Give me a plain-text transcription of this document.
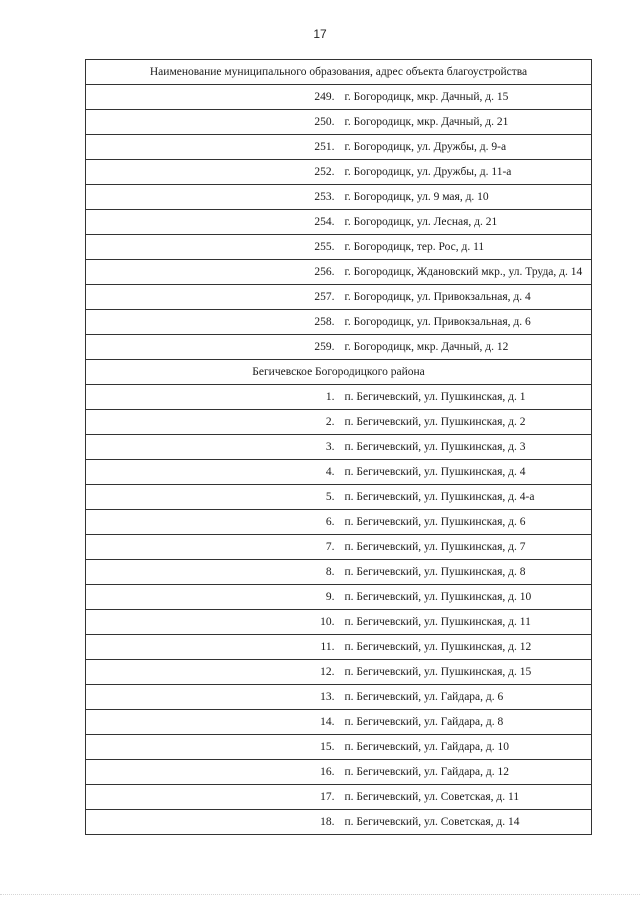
17
Наименование муниципального образования, адрес объекта благоустройства	
249.	г. Богородицк, мкр. Дачный, д. 15
250.	г. Богородицк, мкр. Дачный, д. 21
251.	г. Богородицк, ул. Дружбы, д. 9-а
252.	г. Богородицк, ул. Дружбы, д. 11-а
253.	г. Богородицк, ул. 9 мая, д. 10
254.	г. Богородицк, ул. Лесная, д. 21
255.	г. Богородицк, тер. Рос, д. 11
256.	г. Богородицк, Ждановский мкр., ул. Труда, д. 14
257.	г. Богородицк, ул. Привокзальная, д. 4
258.	г. Богородицк, ул. Привокзальная, д. 6
259.	г. Богородицк, мкр. Дачный, д. 12
Бегичевское Богородицкого района	
1.	п. Бегичевский, ул. Пушкинская, д. 1
2.	п. Бегичевский, ул. Пушкинская, д. 2
3.	п. Бегичевский, ул. Пушкинская, д. 3
4.	п. Бегичевский, ул. Пушкинская, д. 4
5.	п. Бегичевский, ул. Пушкинская, д. 4-а
6.	п. Бегичевский, ул. Пушкинская, д. 6
7.	п. Бегичевский, ул. Пушкинская, д. 7
8.	п. Бегичевский, ул. Пушкинская, д. 8
9.	п. Бегичевский, ул. Пушкинская, д. 10
10.	п. Бегичевский, ул. Пушкинская, д. 11
11.	п. Бегичевский, ул. Пушкинская, д. 12
12.	п. Бегичевский, ул. Пушкинская, д. 15
13.	п. Бегичевский, ул. Гайдара, д. 6
14.	п. Бегичевский, ул. Гайдара, д. 8
15.	п. Бегичевский, ул. Гайдара, д. 10
16.	п. Бегичевский, ул. Гайдара, д. 12
17.	п. Бегичевский, ул. Советская, д. 11
18.	п. Бегичевский, ул. Советская, д. 14
